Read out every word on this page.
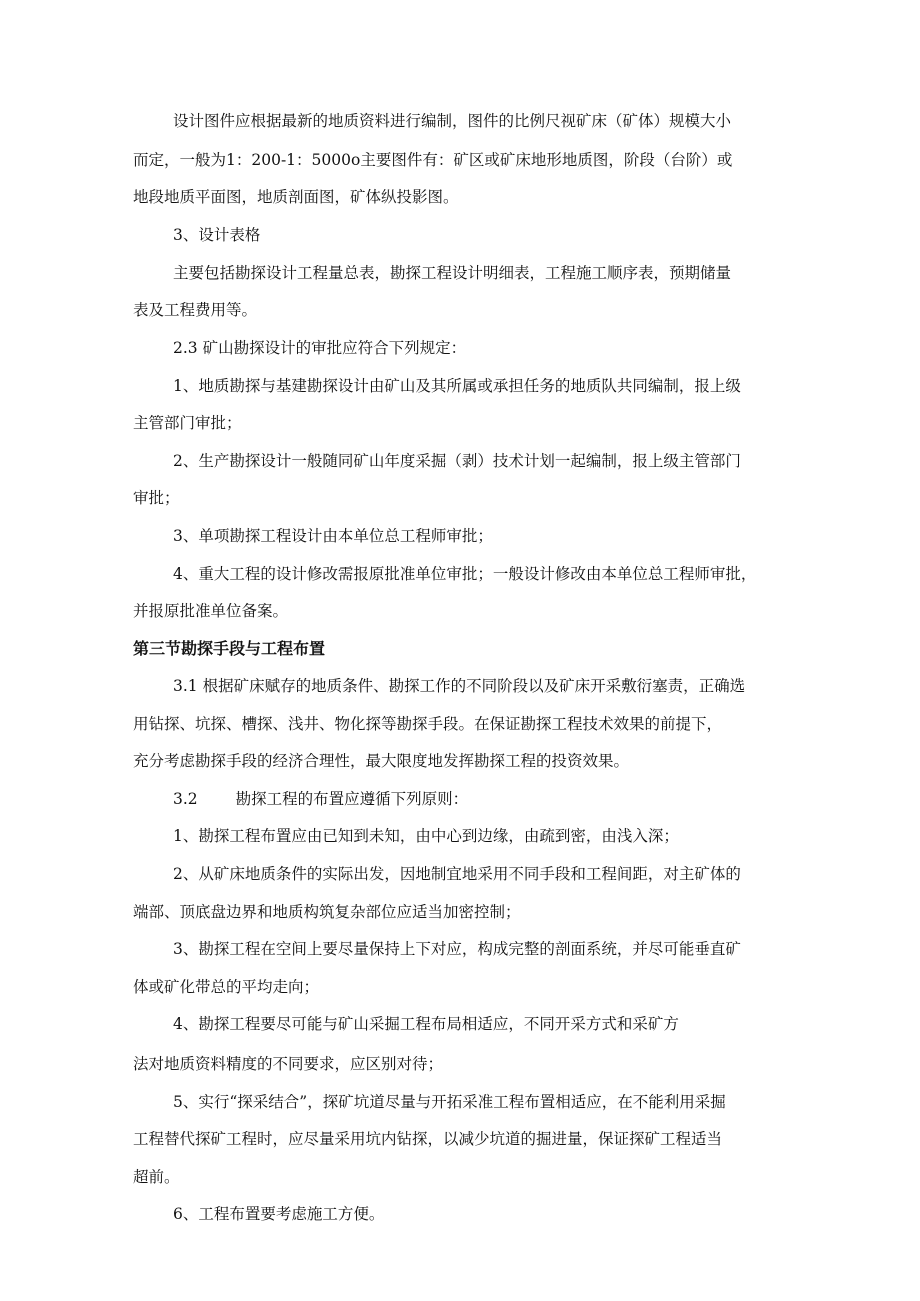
设计图件应根据最新的地质资料进行编制，图件的比例尺视矿床（矿体）规模大小

而定，一般为1：200-1：5000o主要图件有：矿区或矿床地形地质图，阶段（台阶）或

地段地质平面图，地质剖面图，矿体纵投影图。

3、设计表格

主要包括勘探设计工程量总表，勘探工程设计明细表，工程施工顺序表，预期储量

表及工程费用等。

2.3 矿山勘探设计的审批应符合下列规定：

1、地质勘探与基建勘探设计由矿山及其所属或承担任务的地质队共同编制，报上级

主管部门审批；

2、生产勘探设计一般随同矿山年度采掘（剥）技术计划一起编制，报上级主管部门

审批；

3、单项勘探工程设计由本单位总工程师审批；

4、重大工程的设计修改需报原批准单位审批；一般设计修改由本单位总工程师审批，

并报原批准单位备案。

第三节勘探手段与工程布置

3.1 根据矿床赋存的地质条件、勘探工作的不同阶段以及矿床开采敷衍塞责，正确选

用钻探、坑探、槽探、浅井、物化探等勘探手段。在保证勘探工程技术效果的前提下，

充分考虑勘探手段的经济合理性，最大限度地发挥勘探工程的投资效果。

3.2 勘探工程的布置应遵循下列原则：

1、勘探工程布置应由已知到未知，由中心到边缘，由疏到密，由浅入深；

2、从矿床地质条件的实际出发，因地制宜地采用不同手段和工程间距，对主矿体的

端部、顶底盘边界和地质构筑复杂部位应适当加密控制；

3、勘探工程在空间上要尽量保持上下对应，构成完整的剖面系统，并尽可能垂直矿

体或矿化带总的平均走向；

4、勘探工程要尽可能与矿山采掘工程布局相适应，不同开采方式和采矿方

法对地质资料精度的不同要求，应区别对待；

5、实行“探采结合”，探矿坑道尽量与开拓采准工程布置相适应，在不能利用采掘

工程替代探矿工程时，应尽量采用坑内钻探，以减少坑道的掘进量，保证探矿工程适当

超前。

6、工程布置要考虑施工方便。
